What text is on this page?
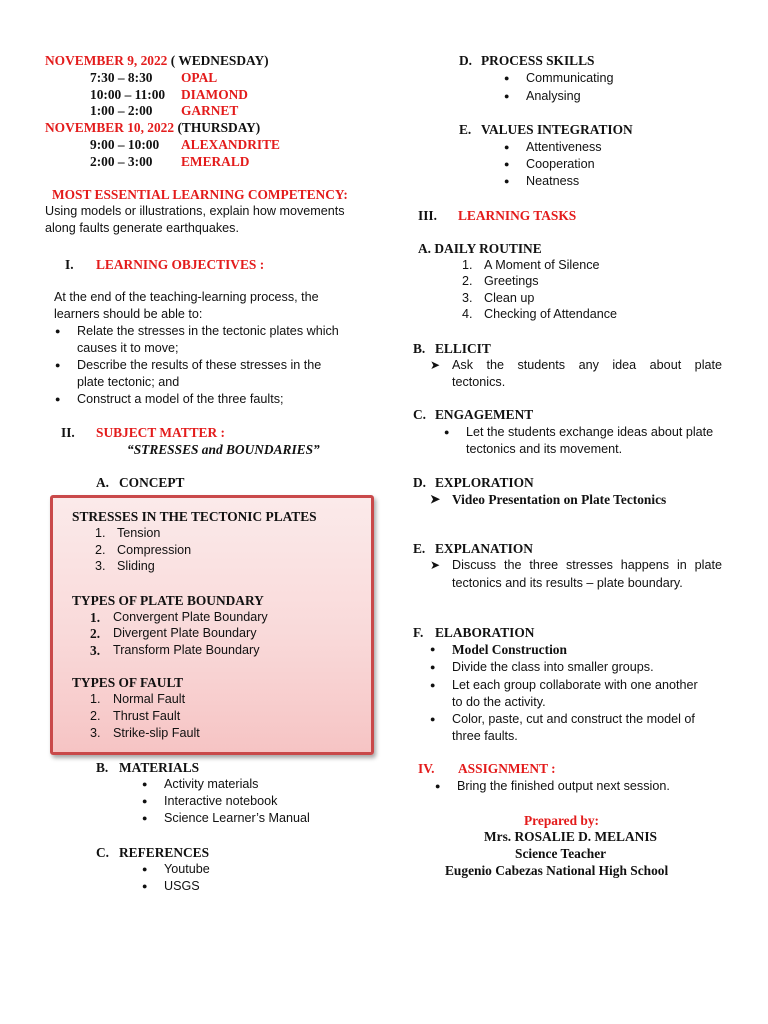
NOVEMBER 9, 2022 ( WEDNESDAY)
7:30 – 8:30 OPAL
10:00 – 11:00 DIAMOND
1:00 – 2:00 GARNET
NOVEMBER 10, 2022 (THURSDAY)
9:00 – 10:00 ALEXANDRITE
2:00 – 3:00 EMERALD
MOST ESSENTIAL LEARNING COMPETENCY:
Using models or illustrations, explain how movements
along faults generate earthquakes.
I. LEARNING OBJECTIVES :
At the end of the teaching-learning process, the
learners should be able to:
● Relate the stresses in the tectonic plates which
causes it to move;
● Describe the results of these stresses in the
plate tectonic; and
● Construct a model of the three faults;
II. SUBJECT MATTER :
“STRESSES and BOUNDARIES”
A. CONCEPT
STRESSES IN THE TECTONIC PLATES
1. Tension
2. Compression
3. Sliding
TYPES OF PLATE BOUNDARY
1. Convergent Plate Boundary
2. Divergent Plate Boundary
3. Transform Plate Boundary
TYPES OF FAULT
1. Normal Fault
2. Thrust Fault
3. Strike-slip Fault
B. MATERIALS
● Activity materials
● Interactive notebook
● Science Learner’s Manual
C. REFERENCES
● Youtube
● USGS
D. PROCESS SKILLS
● Communicating
● Analysing
E. VALUES INTEGRATION
● Attentiveness
● Cooperation
● Neatness
III. LEARNING TASKS
A. DAILY ROUTINE
1. A Moment of Silence
2. Greetings
3. Clean up
4. Checking of Attendance
B. ELLICIT
➤ Ask the students any idea about plate
tectonics.
C. ENGAGEMENT
● Let the students exchange ideas about plate
tectonics and its movement.
D. EXPLORATION
➤ Video Presentation on Plate Tectonics
E. EXPLANATION
➤ Discuss the three stresses happens in plate
tectonics and its results – plate boundary.
F. ELABORATION
● Model Construction
● Divide the class into smaller groups.
● Let each group collaborate with one another
to do the activity.
● Color, paste, cut and construct the model of
three faults.
IV. ASSIGNMENT :
● Bring the finished output next session.
Prepared by:
Mrs. ROSALIE D. MELANIS
Science Teacher
Eugenio Cabezas National High School
